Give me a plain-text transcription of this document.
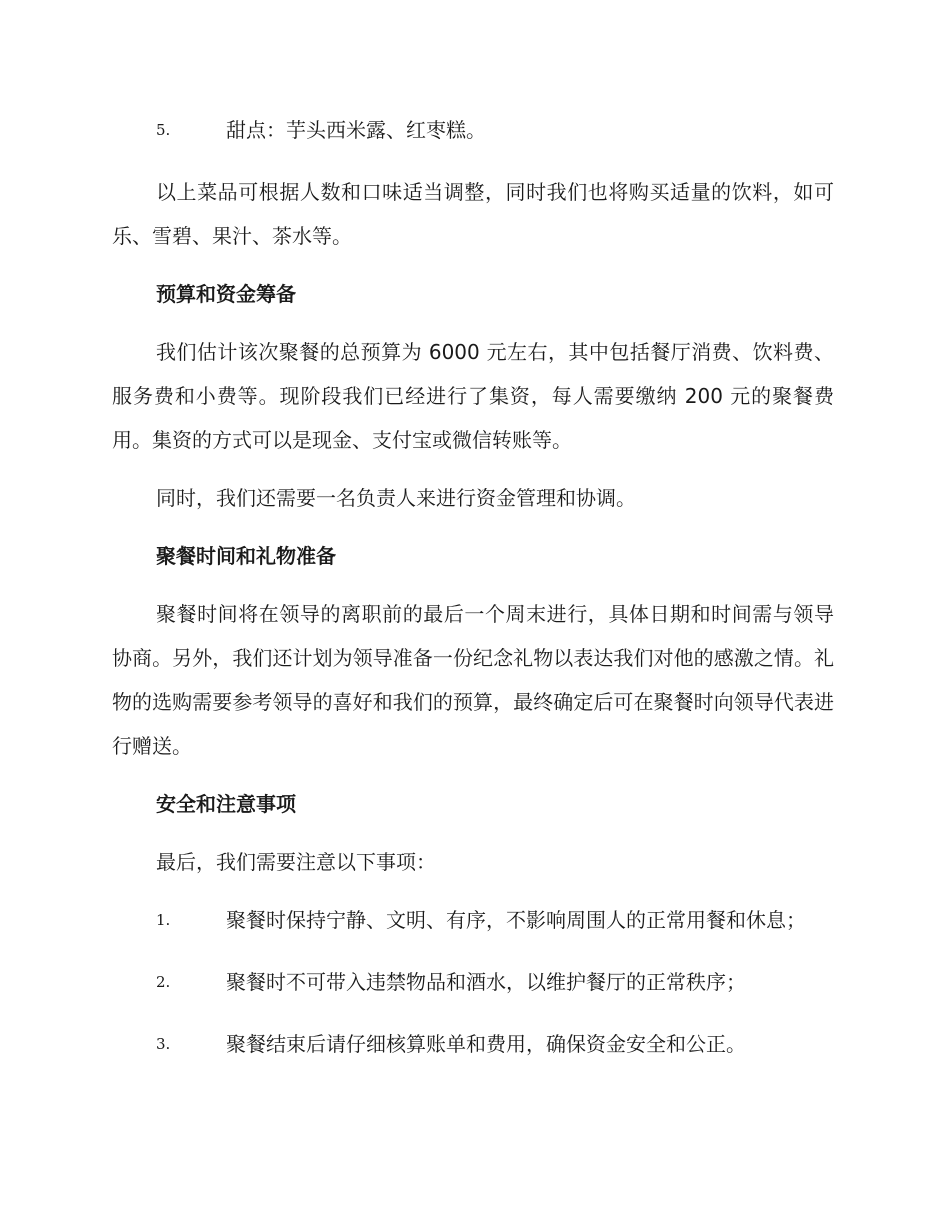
5.	甜点：芋头西米露、红枣糕。

以上菜品可根据人数和口味适当调整，同时我们也将购买适量的饮料，如可乐、雪碧、果汁、茶水等。

预算和资金筹备

我们估计该次聚餐的总预算为 6000 元左右，其中包括餐厅消费、饮料费、服务费和小费等。现阶段我们已经进行了集资，每人需要缴纳 200 元的聚餐费用。集资的方式可以是现金、支付宝或微信转账等。

同时，我们还需要一名负责人来进行资金管理和协调。

聚餐时间和礼物准备

聚餐时间将在领导的离职前的最后一个周末进行，具体日期和时间需与领导协商。另外，我们还计划为领导准备一份纪念礼物以表达我们对他的感激之情。礼物的选购需要参考领导的喜好和我们的预算，最终确定后可在聚餐时向领导代表进行赠送。

安全和注意事项

最后，我们需要注意以下事项：

1.	聚餐时保持宁静、文明、有序，不影响周围人的正常用餐和休息；
2.	聚餐时不可带入违禁物品和酒水，以维护餐厅的正常秩序；
3.	聚餐结束后请仔细核算账单和费用，确保资金安全和公正。
